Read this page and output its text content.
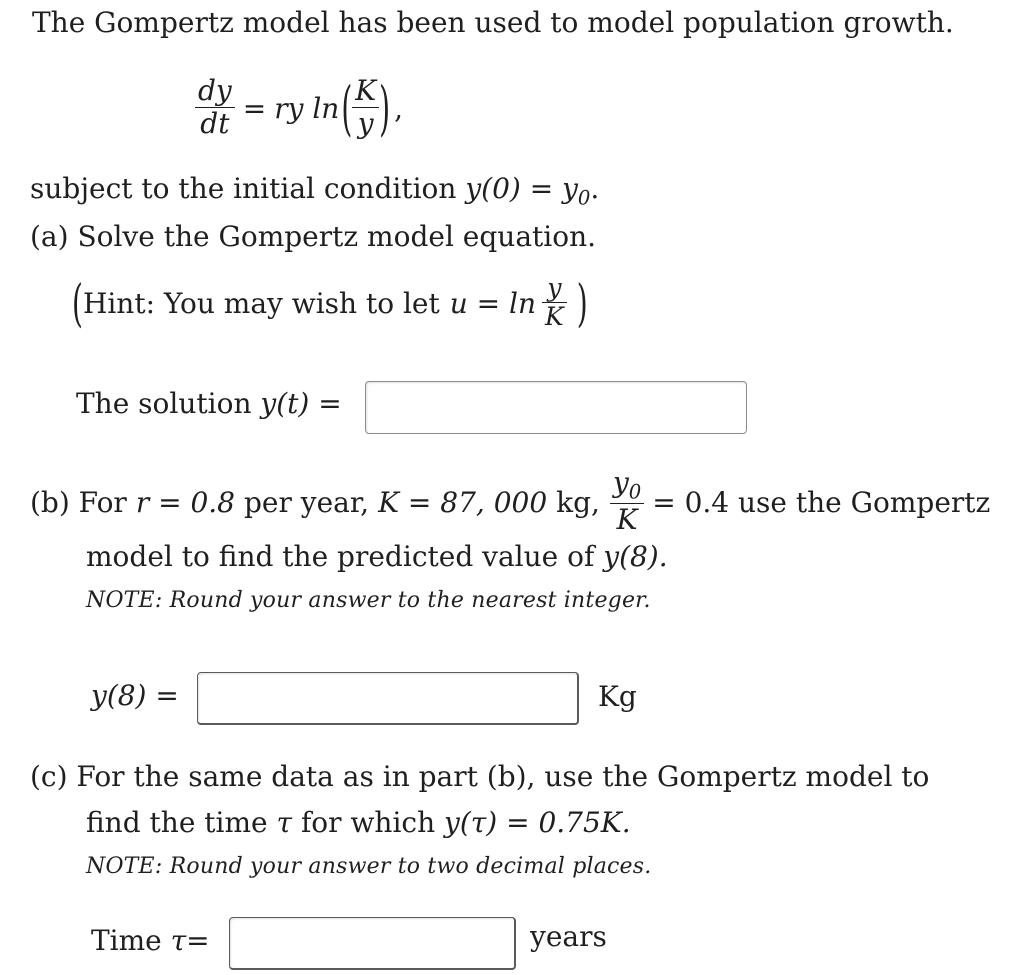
The Gompertz model has been used to model population growth.
$\frac{dy}{dt}$ = ry ln ( $\frac{K}{y}$ ) ,
subject to the initial condition $y(0) = y_0$.
(a) Solve the Gompertz model equation.
( Hint: You may wish to let $u = \ln \frac{y}{K}$ )
The solution y(t) =
(b) For r = 0.8 per year, K = 87, 000 kg, $\frac{y_0}{K} = 0.4$ use the Gompertz
model to find the predicted value of y(8).
NOTE: Round your answer to the nearest integer.
y(8) =	Kg
(c) For the same data as in part (b), use the Gompertz model to
find the time τ for which y(τ) = 0.75K.
NOTE: Round your answer to two decimal places.
Time τ=	years
